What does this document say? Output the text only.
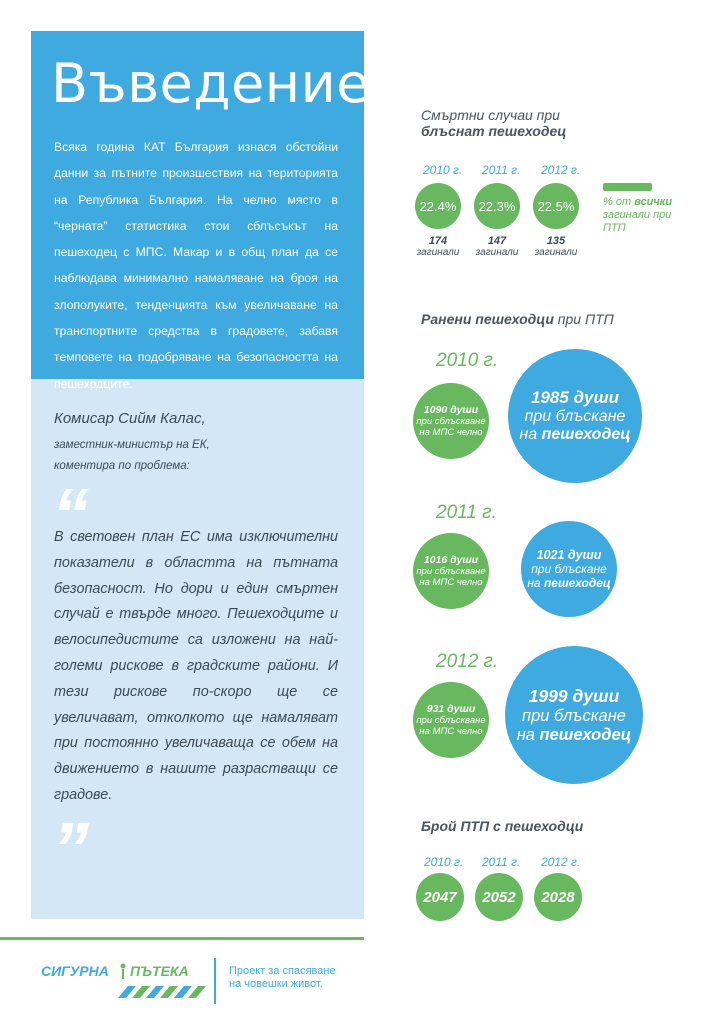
Въведение
Всяка година КАТ България изнася обстойни данни за пътните произшествия на територията на Република България. На челно място в “черната” статистика стои сблъсъкът на пешеходец с МПС. Макар и в общ план да се наблюдава минимално намаляване на броя на злополуките, тенденцията към увеличаване на транспортните средства в градовете, забавя темповете на подобряване на безопасността на пешеходците.
Комисар Сийм Калас,
заместник-министър на ЕК,
коментира по проблема:
“
В световен план ЕС има изключителни показатели в областта на пътната безопасност. Но дори и един смъртен случай е твърде много. Пешеходците и велосипедистите са изложени на най-големи рискове в градските райони. И тези рискове по-скоро ще се увеличават, отколкото ще намаляват при постоянно увеличаваща се обем на движението в нашите разрастващи се градове.
”
Смъртни случаи при
блъснат пешеходец
2010 г. 2011 г. 2012 г.
22.4% 22.3% 22.5%
174
загинали
147
загинали
135
загинали
% от всички загинали при ПТП
Ранени пешеходци при ПТП
2010 г.
1090 души
при сблъскване
на МПС челно
1985 души
при блъскане
на пешеходец
2011 г.
1016 души
при сблъскване
на МПС челно
1021 души
при блъскане
на пешеходец
2012 г.
931 души
при сблъскване
на МПС челно
1999 души
при блъскане
на пешеходец
Брой ПТП с пешеходци
2010 г. 2011 г. 2012 г.
2047 2052 2028
СИГУРНА ПЪТЕКА	Проект за спасяване
на човешки живот.
